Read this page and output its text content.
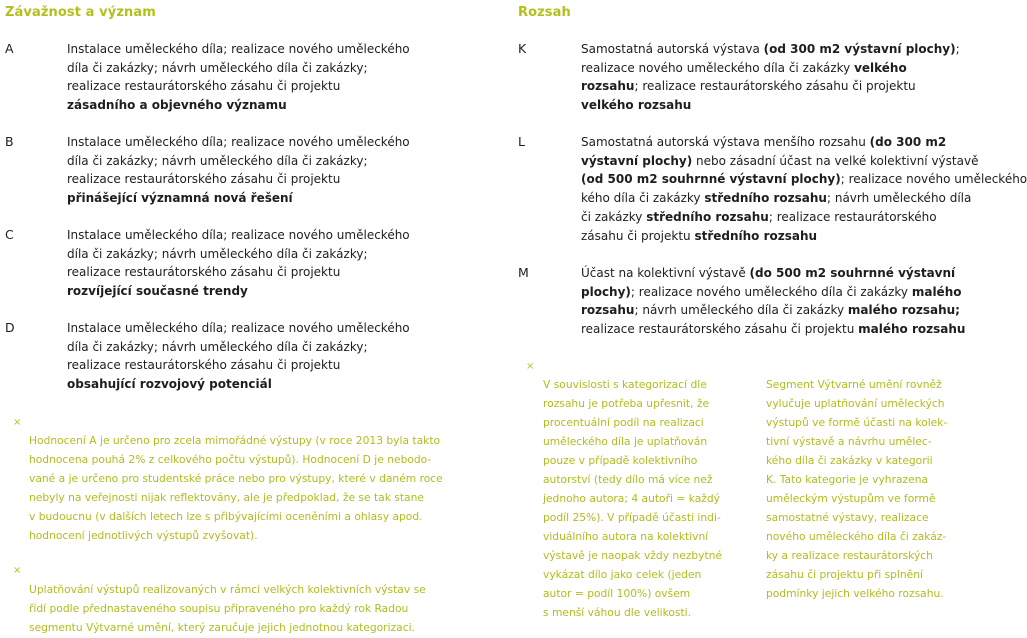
Závažnost a význam	Rozsah
A
B
C
D
Instalace uměleckého díla; realizace nového uměleckého
díla či zakázky; návrh uměleckého díla či zakázky;
realizace restaurátorského zásahu či projektu
zásadního a objevného významu
Instalace uměleckého díla; realizace nového uměleckého
díla či zakázky; návrh uměleckého díla či zakázky;
realizace restaurátorského zásahu či projektu
přinášející významná nová řešení
Instalace uměleckého díla; realizace nového uměleckého
díla či zakázky; návrh uměleckého díla či zakázky;
realizace restaurátorského zásahu či projektu
rozvíjející současné trendy
Instalace uměleckého díla; realizace nového uměleckého
díla či zakázky; návrh uměleckého díla či zakázky;
realizace restaurátorského zásahu či projektu
obsahující rozvojový potenciál
×
Hodnocení A je určeno pro zcela mimořádné výstupy (v roce 2013 byla takto
hodnocena pouhá 2% z celkového počtu výstupů). Hodnocení D je nebodo-
vané a je určeno pro studentské práce nebo pro výstupy, které v daném roce
nebyly na veřejnosti nijak reflektovány, ale je předpoklad, že se tak stane
v budoucnu (v dalších letech lze s přibývajícími oceněními a ohlasy apod.
hodnocení jednotlivých výstupů zvyšovat).
×
Uplatňování výstupů realizovaných v rámci velkých kolektivních výstav se
řídí podle přednastaveného soupisu připraveného pro každý rok Radou
segmentu Výtvarné umění, který zaručuje jejich jednotnou kategorizaci.
K
L
M
Samostatná autorská výstava (od 300 m2 výstavní plochy);
realizace nového uměleckého díla či zakázky velkého
rozsahu; realizace restaurátorského zásahu či projektu
velkého rozsahu
Samostatná autorská výstava menšího rozsahu (do 300 m2
výstavní plochy) nebo zásadní účast na velké kolektivní výstavě
(od 500 m2 souhrnné výstavní plochy); realizace nového uměleckého
kého díla či zakázky středního rozsahu; návrh uměleckého díla
či zakázky středního rozsahu; realizace restaurátorského
zásahu či projektu středního rozsahu
Účast na kolektivní výstavě (do 500 m2 souhrnné výstavní
plochy); realizace nového uměleckého díla či zakázky malého
rozsahu; návrh uměleckého díla či zakázky malého rozsahu;
realizace restaurátorského zásahu či projektu malého rozsahu
×
V souvislosti s kategorizací dle
rozsahu je potřeba upřesnit, že
procentuální podíl na realizaci
uměleckého díla je uplatňován
pouze v případě kolektivního
autorství (tedy dílo má více než
jednoho autora; 4 autoři = každý
podíl 25%). V případě účasti indi-
viduálního autora na kolektivní
výstavě je naopak vždy nezbytné
vykázat dílo jako celek (jeden
autor = podíl 100%) ovšem
s menší váhou dle velikosti.
Segment Výtvarné umění rovněž
vylučuje uplatňování uměleckých
výstupů ve formě účasti na kolek-
tivní výstavě a návrhu umělec-
kého díla či zakázky v kategorii
K. Tato kategorie je vyhrazena
uměleckým výstupům ve formě
samostatné výstavy, realizace
nového uměleckého díla či zakáz-
ky a realizace restaurátorských
zásahu či projektu při splnění
podmínky jejich velkého rozsahu.
